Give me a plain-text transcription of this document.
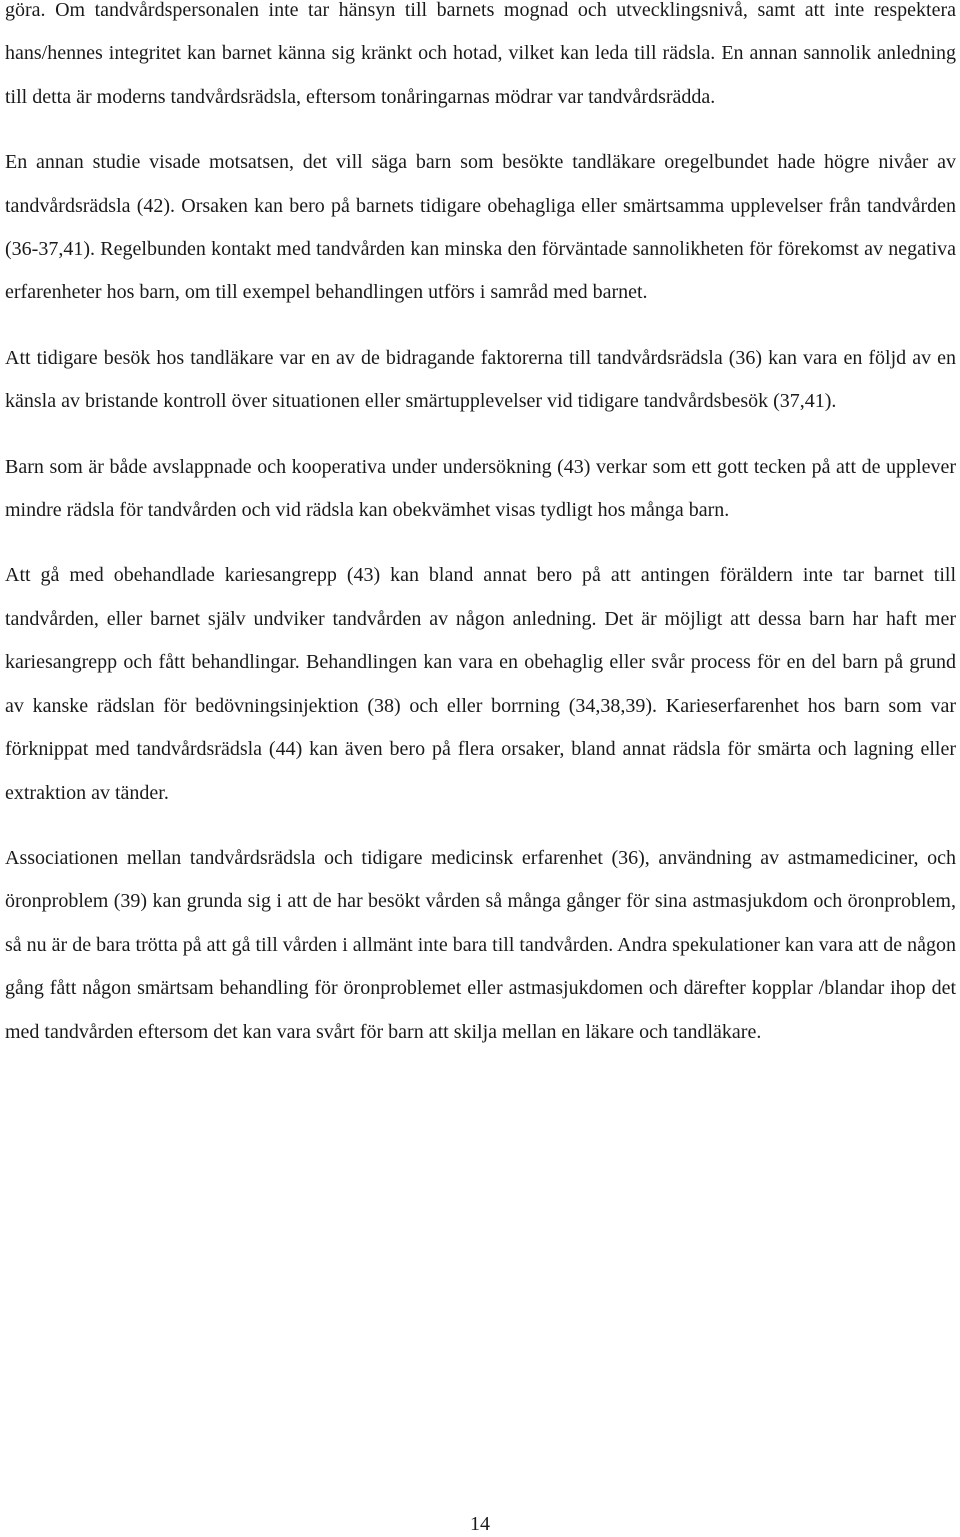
göra. Om tandvårdspersonalen inte tar hänsyn till barnets mognad och utvecklingsnivå, samt att inte respektera hans/hennes integritet kan barnet känna sig kränkt och hotad, vilket kan leda till rädsla. En annan sannolik anledning till detta är moderns tandvårdsrädsla, eftersom tonåringarnas mödrar var tandvårdsrädda.

En annan studie visade motsatsen, det vill säga barn som besökte tandläkare oregelbundet hade högre nivåer av tandvårdsrädsla (42). Orsaken kan bero på barnets tidigare obehagliga eller smärtsamma upplevelser från tandvården (36-37,41). Regelbunden kontakt med tandvården kan minska den förväntade sannolikheten för förekomst av negativa erfarenheter hos barn, om till exempel behandlingen utförs i samråd med barnet.

Att tidigare besök hos tandläkare var en av de bidragande faktorerna till tandvårdsrädsla (36) kan vara en följd av en känsla av bristande kontroll över situationen eller smärtupplevelser vid tidigare tandvårdsbesök (37,41).

Barn som är både avslappnade och kooperativa under undersökning (43) verkar som ett gott tecken på att de upplever mindre rädsla för tandvården och vid rädsla kan obekvämhet visas tydligt hos många barn.

Att gå med obehandlade kariesangrepp (43) kan bland annat bero på att antingen föräldern inte tar barnet till tandvården, eller barnet själv undviker tandvården av någon anledning. Det är möjligt att dessa barn har haft mer kariesangrepp och fått behandlingar. Behandlingen kan vara en obehaglig eller svår process för en del barn på grund av kanske rädslan för bedövningsinjektion (38) och eller borrning (34,38,39). Karieserfarenhet hos barn som var förknippat med tandvårdsrädsla (44) kan även bero på flera orsaker, bland annat rädsla för smärta och lagning eller extraktion av tänder.

Associationen mellan tandvårdsrädsla och tidigare medicinsk erfarenhet (36), användning av astmamediciner, och öronproblem (39) kan grunda sig i att de har besökt vården så många gånger för sina astmasjukdom och öronproblem, så nu är de bara trötta på att gå till vården i allmänt inte bara till tandvården. Andra spekulationer kan vara att de någon gång fått någon smärtsam behandling för öronproblemet eller astmasjukdomen och därefter kopplar /blandar ihop det med tandvården eftersom det kan vara svårt för barn att skilja mellan en läkare och tandläkare.

14
